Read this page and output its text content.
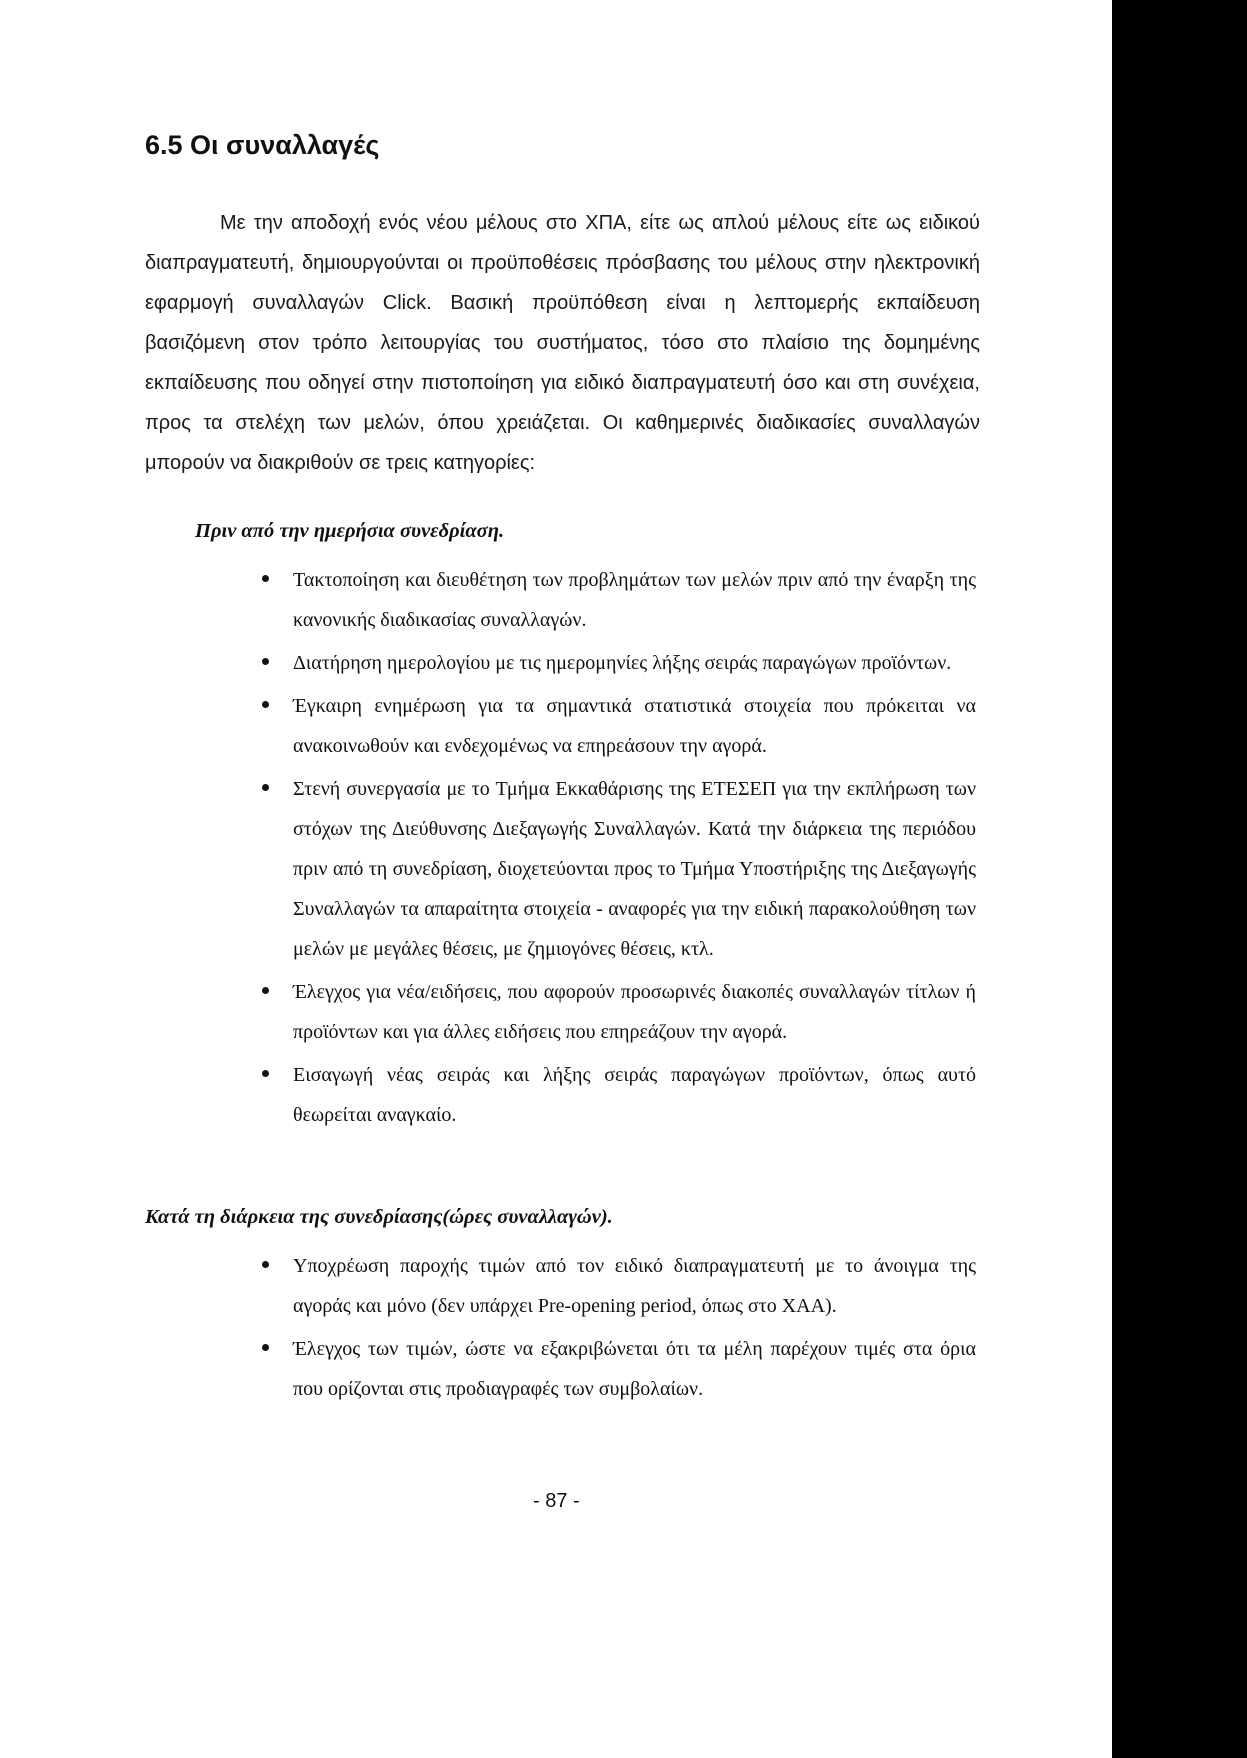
6.5 Οι συναλλαγές

Με την αποδοχή ενός νέου μέλους στο ΧΠΑ, είτε ως απλού μέλους είτε ως ειδικού διαπραγματευτή, δημιουργούνται οι προϋποθέσεις πρόσβασης του μέλους στην ηλεκτρονική εφαρμογή συναλλαγών Click. Βασική προϋπόθεση είναι η λεπτομερής εκπαίδευση βασιζόμενη στον τρόπο λειτουργίας του συστήματος, τόσο στο πλαίσιο της δομημένης εκπαίδευσης που οδηγεί στην πιστοποίηση για ειδικό διαπραγματευτή όσο και στη συνέχεια, προς τα στελέχη των μελών, όπου χρειάζεται. Οι καθημερινές διαδικασίες συναλλαγών μπορούν να διακριθούν σε τρεις κατηγορίες:

Πριν από την ημερήσια συνεδρίαση.

Τακτοποίηση και διευθέτηση των προβλημάτων των μελών πριν από την έναρξη της κανονικής διαδικασίας συναλλαγών.
Διατήρηση ημερολογίου με τις ημερομηνίες λήξης σειράς παραγώγων προϊόντων.
Έγκαιρη ενημέρωση για τα σημαντικά στατιστικά στοιχεία που πρόκειται να ανακοινωθούν και ενδεχομένως να επηρεάσουν την αγορά.
Στενή συνεργασία με το Τμήμα Εκκαθάρισης της ΕΤΕΣΕΠ για την εκπλήρωση των στόχων της Διεύθυνσης Διεξαγωγής Συναλλαγών. Κατά την διάρκεια της περιόδου πριν από τη συνεδρίαση, διοχετεύονται προς το Τμήμα Υποστήριξης της Διεξαγωγής Συναλλαγών τα απαραίτητα στοιχεία - αναφορές για την ειδική παρακολούθηση των μελών με μεγάλες θέσεις, με ζημιογόνες θέσεις, κτλ.
Έλεγχος για νέα/ειδήσεις, που αφορούν προσωρινές διακοπές συναλλαγών τίτλων ή προϊόντων και για άλλες ειδήσεις που επηρεάζουν την αγορά.
Εισαγωγή νέας σειράς και λήξης σειράς παραγώγων προϊόντων, όπως αυτό θεωρείται αναγκαίο.

Κατά τη διάρκεια της συνεδρίασης(ώρες συναλλαγών).

Υποχρέωση παροχής τιμών από τον ειδικό διαπραγματευτή με το άνοιγμα της αγοράς και μόνο (δεν υπάρχει Pre-opening period, όπως στο ΧΑΑ).
Έλεγχος των τιμών, ώστε να εξακριβώνεται ότι τα μέλη παρέχουν τιμές στα όρια που ορίζονται στις προδιαγραφές των συμβολαίων.

- 87 -
